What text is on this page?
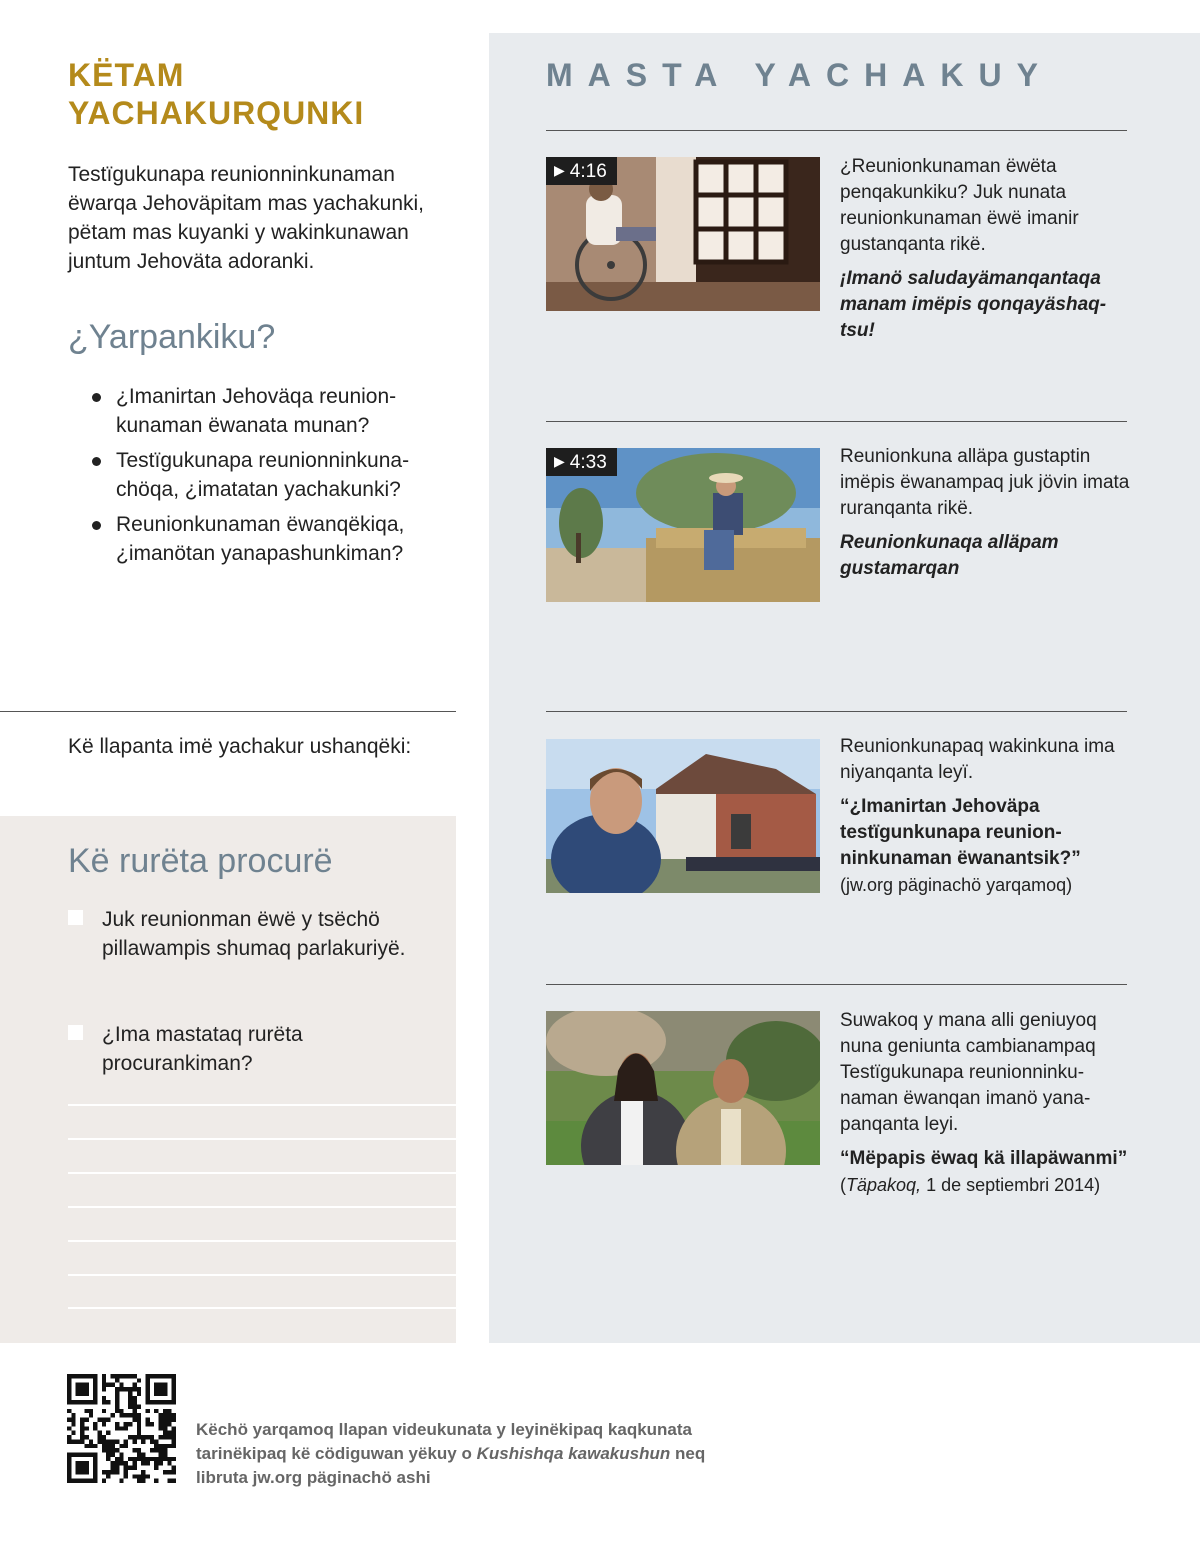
KËTAM YACHAKURQUNKI
Testïgukunapa reunionninkunaman ëwarqa Jehoväpitam mas yachakunki, pëtam mas kuyanki y wakinkunawan juntum Jehoväta adoranki.
¿Yarpankiku?
¿Imanirtan Jehoväqa reunionkunaman ëwanata munan?
Testïgukunapa reunionninkunachöqa, ¿imatatan yachakunki?
Reunionkunaman ëwanqëkiqa, ¿imanötan yanapashunkiman?
Kë llapanta imë yachakur ushanqëki:
Kë rurëta procurë
Juk reunionman ëwë y tsëchö pillawampis shumaq parlakuriyë.
¿Ima mastataq rurëta procurankiman?
MASTA YACHAKUY
▶ 4:16	¿Reunionkunaman ëwëta penqakunkiku? Juk nunata reunionkunaman ëwë imanir gustanqanta rikë.

¡Imanö saludayämanqantaqa manam imëpis qonqayäshaqtsu!

▶ 4:33	Reunionkuna alläpa gustaptin imëpis ëwanampaq juk jövin imata ruranqanta rikë.

Reunionkunaqa alläpam gustamarqan

Reunionkunapaq wakinkuna ima niyanqanta leyï.

“¿Imanirtan Jehoväpa testïgunkunapa reunionninkunaman ëwanantsik?”

(jw.org päginachö yarqamoq)

Suwakoq y mana alli geniuyoq nuna geniunta cambianampaq Testïgukunapa reunionninkunaman ëwanqan imanö yanapanqanta leyi.

“Mëpapis ëwaq kä illapäwanmi”

(Täpakoq, 1 de septiembri 2014)

Këchö yarqamoq llapan videukunata y leyinëkipaq kaqkunata tarinëkipaq kë cödiguwan yëkuy o Kushishqa kawakushun neq libruta jw.org päginachö ashi
